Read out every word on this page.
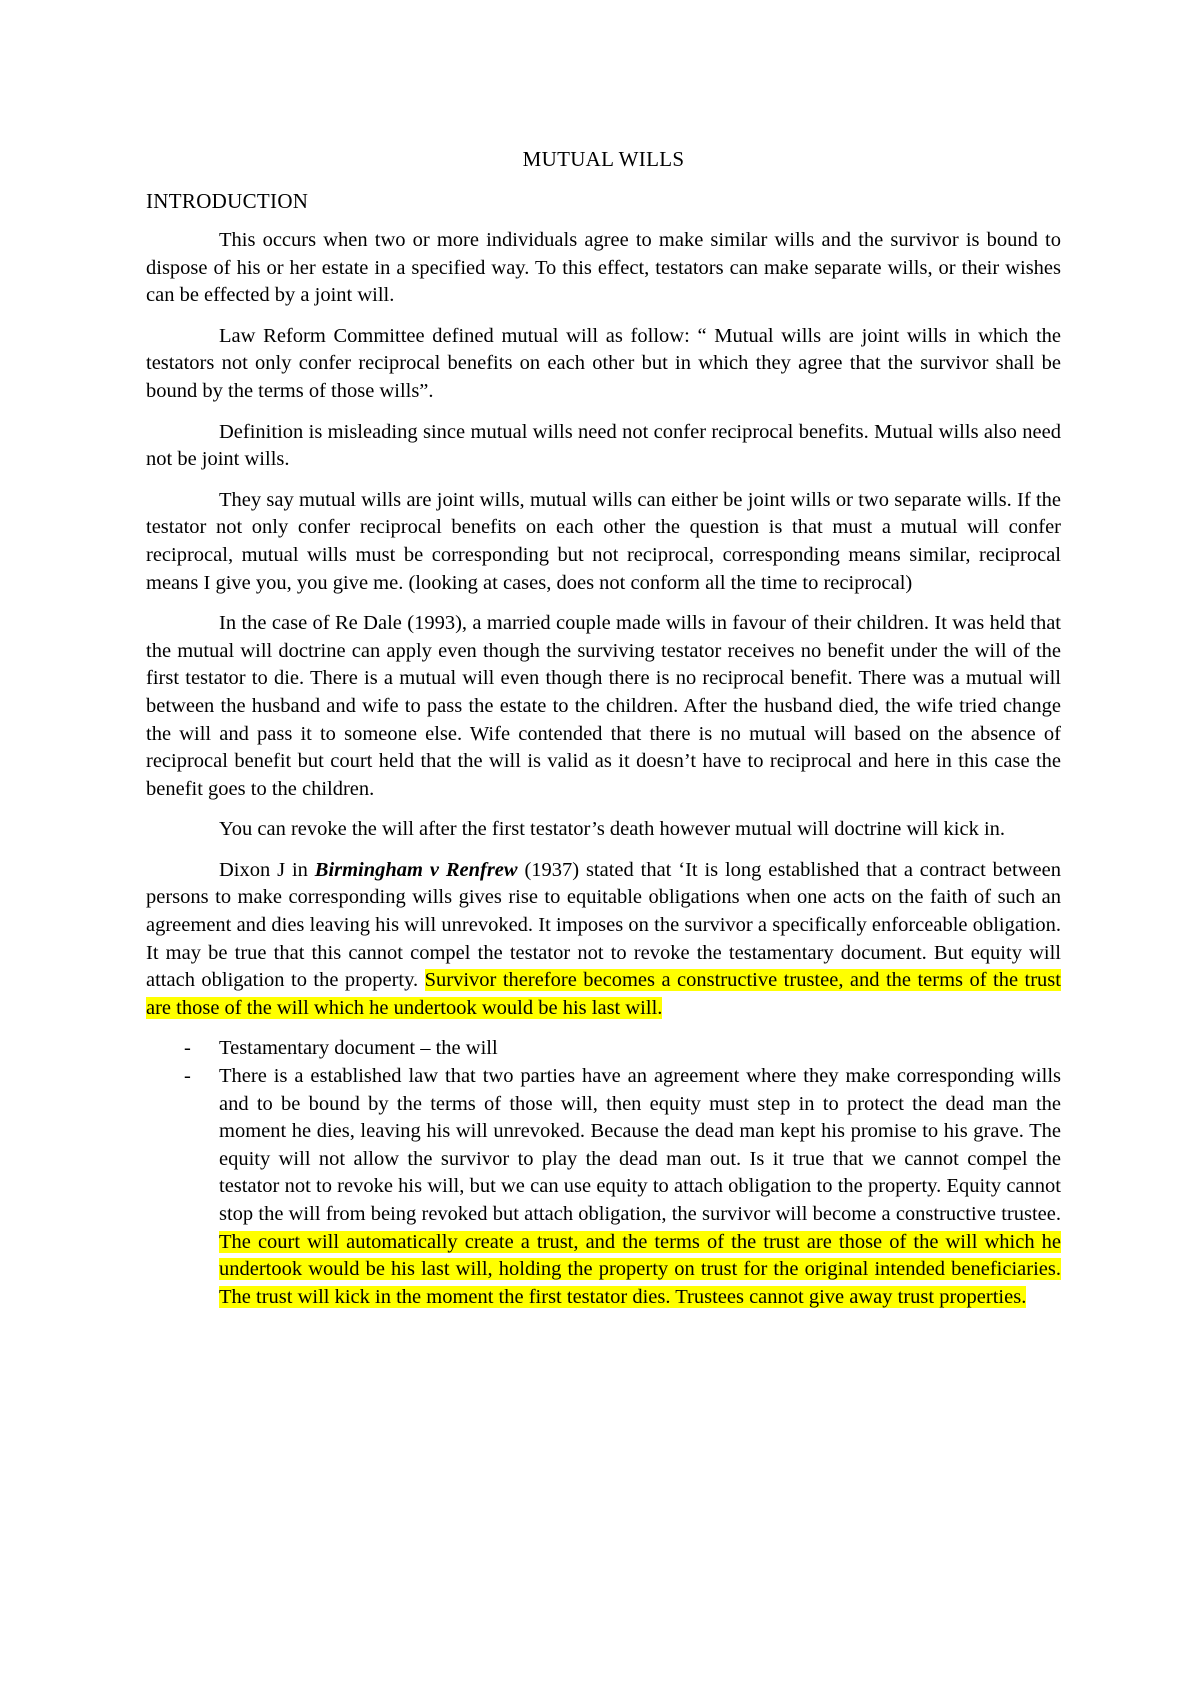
MUTUAL WILLS
INTRODUCTION

This occurs when two or more individuals agree to make similar wills and the survivor is bound to dispose of his or her estate in a specified way. To this effect, testators can make separate wills, or their wishes can be effected by a joint will.

Law Reform Committee defined mutual will as follow: “ Mutual wills are joint wills in which the testators not only confer reciprocal benefits on each other but in which they agree that the survivor shall be bound by the terms of those wills”.

Definition is misleading since mutual wills need not confer reciprocal benefits. Mutual wills also need not be joint wills.

They say mutual wills are joint wills, mutual wills can either be joint wills or two separate wills. If the testator not only confer reciprocal benefits on each other the question is that must a mutual will confer reciprocal, mutual wills must be corresponding but not reciprocal, corresponding means similar, reciprocal means I give you, you give me. (looking at cases, does not conform all the time to reciprocal)

In the case of Re Dale (1993), a married couple made wills in favour of their children. It was held that the mutual will doctrine can apply even though the surviving testator receives no benefit under the will of the first testator to die. There is a mutual will even though there is no reciprocal benefit. There was a mutual will between the husband and wife to pass the estate to the children. After the husband died, the wife tried change the will and pass it to someone else. Wife contended that there is no mutual will based on the absence of reciprocal benefit but court held that the will is valid as it doesn’t have to reciprocal and here in this case the benefit goes to the children.

You can revoke the will after the first testator’s death however mutual will doctrine will kick in.

Dixon J in Birmingham v Renfrew (1937) stated that ‘It is long established that a contract between persons to make corresponding wills gives rise to equitable obligations when one acts on the faith of such an agreement and dies leaving his will unrevoked. It imposes on the survivor a specifically enforceable obligation. It may be true that this cannot compel the testator not to revoke the testamentary document. But equity will attach obligation to the property. Survivor therefore becomes a constructive trustee, and the terms of the trust are those of the will which he undertook would be his last will.

- Testamentary document – the will
- There is a established law that two parties have an agreement where they make corresponding wills and to be bound by the terms of those will, then equity must step in to protect the dead man the moment he dies, leaving his will unrevoked. Because the dead man kept his promise to his grave. The equity will not allow the survivor to play the dead man out. Is it true that we cannot compel the testator not to revoke his will, but we can use equity to attach obligation to the property. Equity cannot stop the will from being revoked but attach obligation, the survivor will become a constructive trustee. The court will automatically create a trust, and the terms of the trust are those of the will which he undertook would be his last will, holding the property on trust for the original intended beneficiaries. The trust will kick in the moment the first testator dies. Trustees cannot give away trust properties.
